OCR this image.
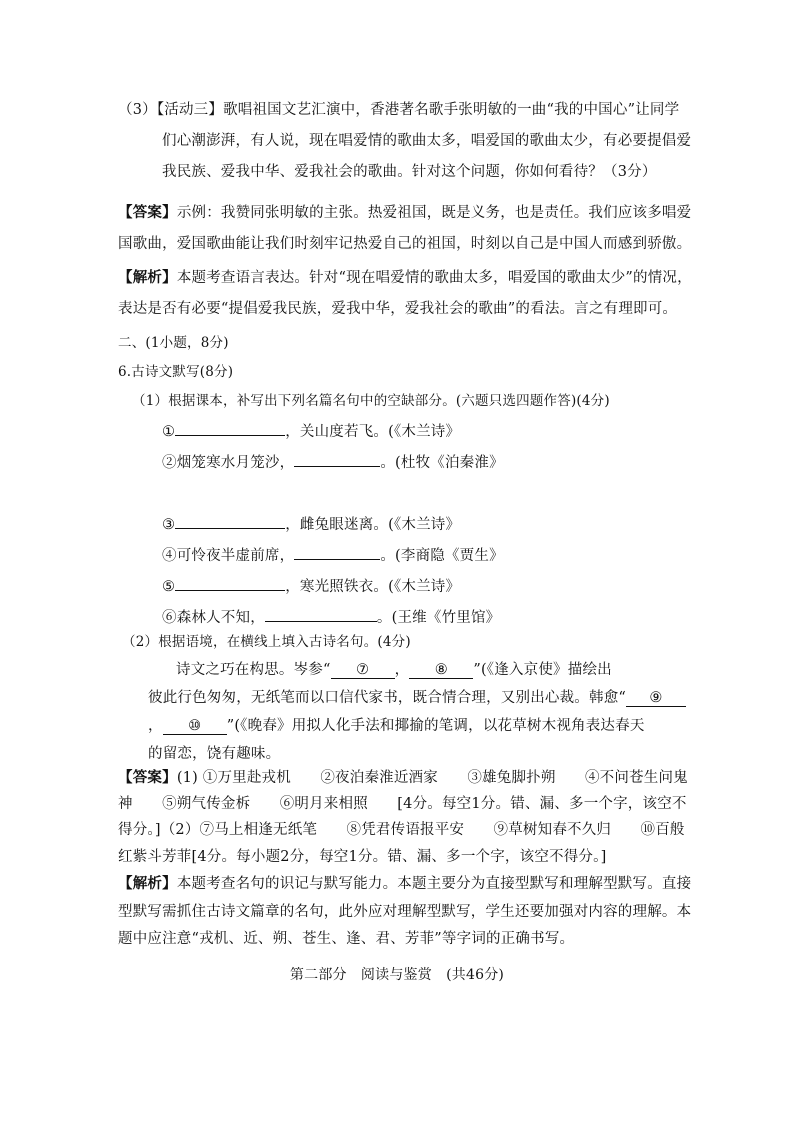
（3）【活动三】歌唱祖国文艺汇演中，香港著名歌手张明敏的一曲“我的中国心”让同学
们心潮澎湃，有人说，现在唱爱情的歌曲太多，唱爱国的歌曲太少，有必要提倡爱
我民族、爱我中华、爱我社会的歌曲。针对这个问题，你如何看待？（3分）
【答案】示例：我赞同张明敏的主张。热爱祖国，既是义务，也是责任。我们应该多唱爱
国歌曲，爱国歌曲能让我们时刻牢记热爱自己的祖国，时刻以自己是中国人而感到骄傲。
【解析】本题考查语言表达。针对“现在唱爱情的歌曲太多，唱爱国的歌曲太少”的情况，
表达是否有必要“提倡爱我民族，爱我中华，爱我社会的歌曲”的看法。言之有理即可。
二、(1小题，8分)
6.古诗文默写(8分)
（1）根据课本，补写出下列名篇名句中的空缺部分。(六题只选四题作答)(4分)
①	，关山度若飞。(《木兰诗》
②烟笼寒水月笼沙，	。(杜牧《泊秦淮》
③	，雌兔眼迷离。(《木兰诗》
④可怜夜半虚前席，	。(李商隐《贾生》
⑤	，寒光照铁衣。(《木兰诗》
⑥森林人不知，	。(王维《竹里馆》
（2）根据语境，在横线上填入古诗名句。(4分)
诗文之巧在构思。岑参“ ⑦ ， ⑧ ”(《逢入京使》描绘出
彼此行色匆匆，无纸笔而以口信代家书，既合情合理，又别出心裁。韩愈“ ⑨
， ⑩ ”(《晚春》用拟人化手法和揶揄的笔调，以花草树木视角表达春天
的留恋，饶有趣味。
【答案】(1) ①万里赴戎机　　②夜泊秦淮近酒家　　③雄兔脚扑朔　　④不问苍生问鬼
神　　⑤朔气传金柝　　⑥明月来相照　　[4分。每空1分。错、漏、多一个字，该空不
得分。]（2）⑦马上相逢无纸笔　　⑧凭君传语报平安　　⑨草树知春不久归　　⑩百般
红紫斗芳菲[4分。每小题2分，每空1分。错、漏、多一个字，该空不得分。]
【解析】本题考查名句的识记与默写能力。本题主要分为直接型默写和理解型默写。直接
型默写需抓住古诗文篇章的名句，此外应对理解型默写，学生还要加强对内容的理解。本
题中应注意“戎机、近、朔、苍生、逢、君、芳菲”等字词的正确书写。
第二部分　阅读与鉴赏　(共46分)
